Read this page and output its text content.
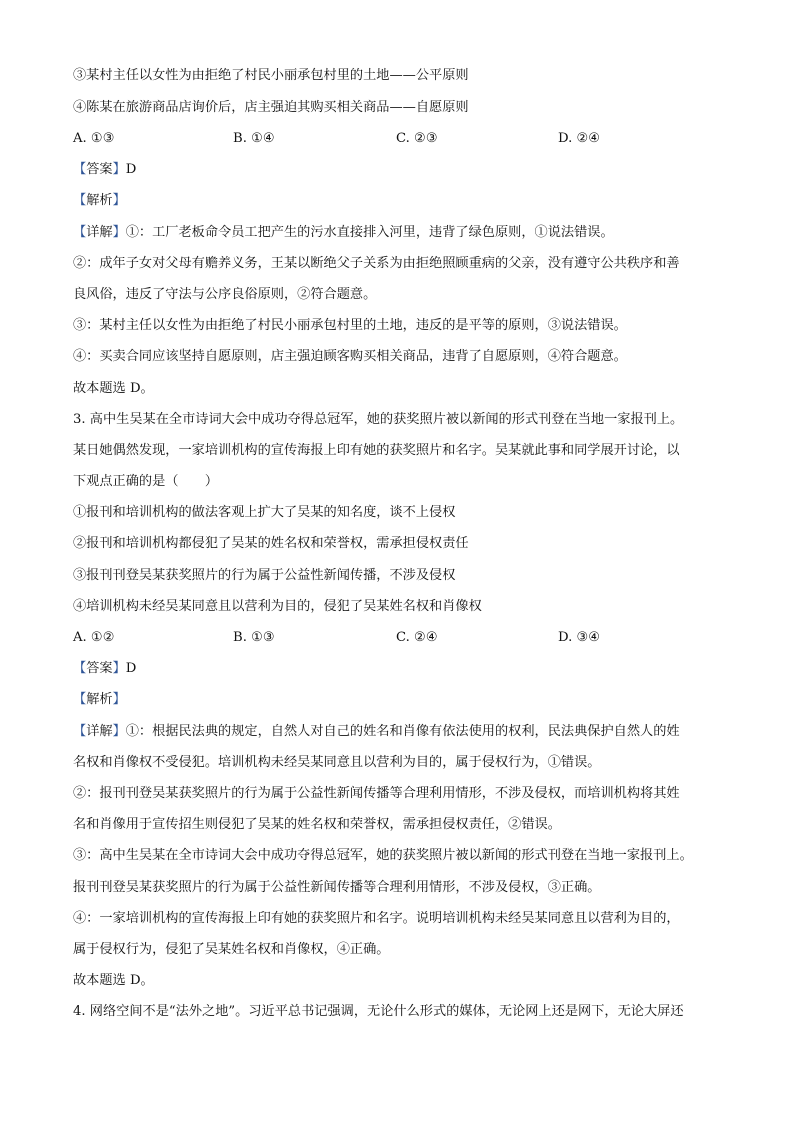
③某村主任以女性为由拒绝了村民小丽承包村里的土地——公平原则
④陈某在旅游商品店询价后，店主强迫其购买相关商品——自愿原则
A. ①③	B. ①④	C. ②③	D. ②④
【答案】D
【解析】
【详解】①：工厂老板命令员工把产生的污水直接排入河里，违背了绿色原则，①说法错误。
②：成年子女对父母有赡养义务，王某以断绝父子关系为由拒绝照顾重病的父亲，没有遵守公共秩序和善
良风俗，违反了守法与公序良俗原则，②符合题意。
③：某村主任以女性为由拒绝了村民小丽承包村里的土地，违反的是平等的原则，③说法错误。
④：买卖合同应该坚持自愿原则，店主强迫顾客购买相关商品，违背了自愿原则，④符合题意。
故本题选 D。
3. 高中生吴某在全市诗词大会中成功夺得总冠军，她的获奖照片被以新闻的形式刊登在当地一家报刊上。
某日她偶然发现，一家培训机构的宣传海报上印有她的获奖照片和名字。吴某就此事和同学展开讨论，以
下观点正确的是（　　）
①报刊和培训机构的做法客观上扩大了吴某的知名度，谈不上侵权
②报刊和培训机构都侵犯了吴某的姓名权和荣誉权，需承担侵权责任
③报刊刊登吴某获奖照片的行为属于公益性新闻传播，不涉及侵权
④培训机构未经吴某同意且以营利为目的，侵犯了吴某姓名权和肖像权
A. ①②	B. ①③	C. ②④	D. ③④
【答案】D
【解析】
【详解】①：根据民法典的规定，自然人对自己的姓名和肖像有依法使用的权利，民法典保护自然人的姓
名权和肖像权不受侵犯。培训机构未经吴某同意且以营利为目的，属于侵权行为，①错误。
②：报刊刊登吴某获奖照片的行为属于公益性新闻传播等合理利用情形，不涉及侵权，而培训机构将其姓
名和肖像用于宣传招生则侵犯了吴某的姓名权和荣誉权，需承担侵权责任，②错误。
③：高中生吴某在全市诗词大会中成功夺得总冠军，她的获奖照片被以新闻的形式刊登在当地一家报刊上。
报刊刊登吴某获奖照片的行为属于公益性新闻传播等合理利用情形，不涉及侵权，③正确。
④：一家培训机构的宣传海报上印有她的获奖照片和名字。说明培训机构未经吴某同意且以营利为目的，
属于侵权行为，侵犯了吴某姓名权和肖像权，④正确。
故本题选 D。
4. 网络空间不是“法外之地”。习近平总书记强调，无论什么形式的媒体，无论网上还是网下，无论大屏还
